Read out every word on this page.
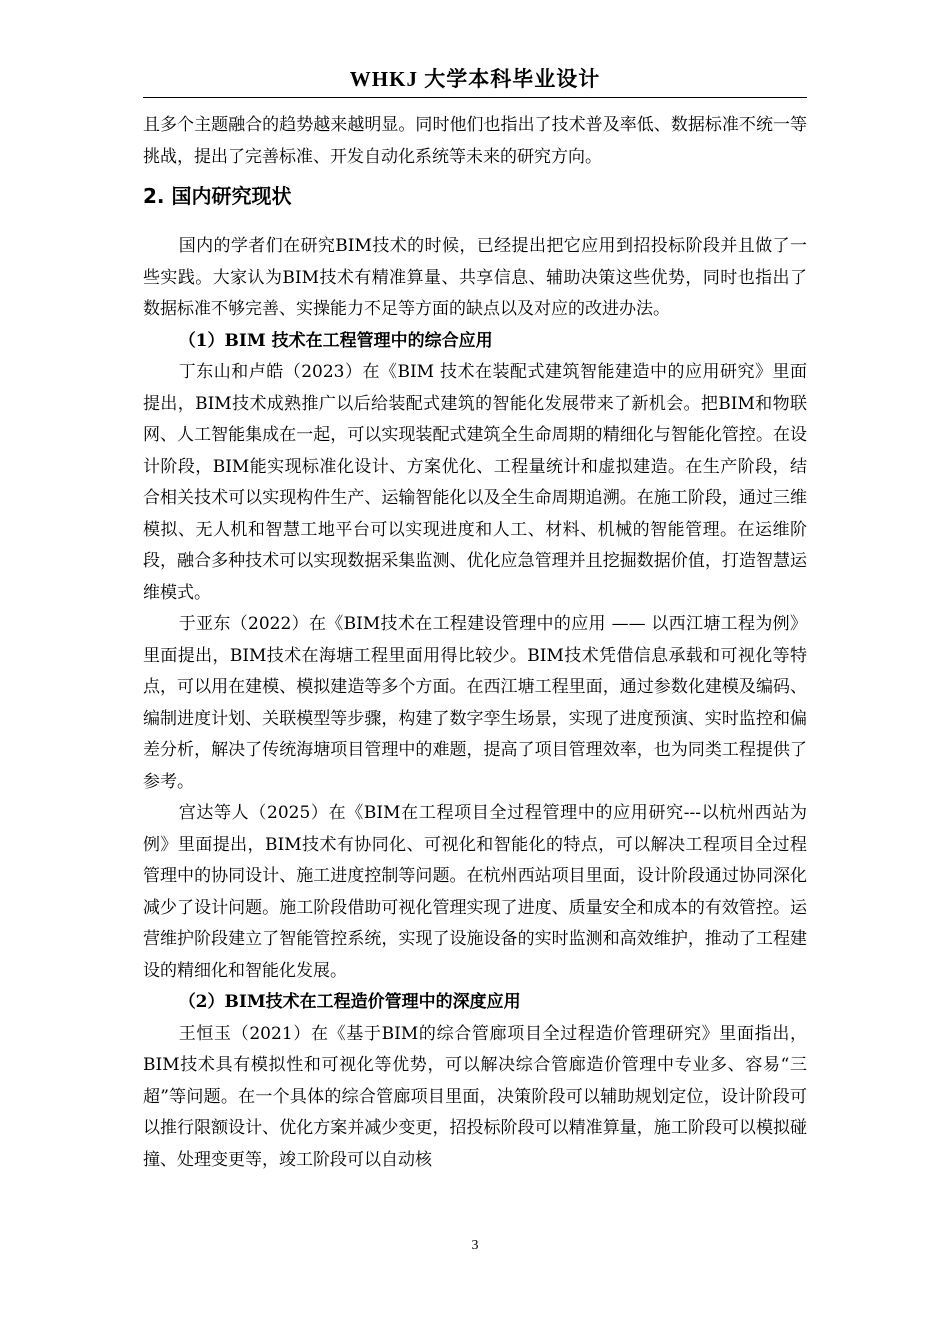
WHKJ 大学本科毕业设计

且多个主题融合的趋势越来越明显。同时他们也指出了技术普及率低、数据标准不统一等挑战，提出了完善标准、开发自动化系统等未来的研究方向。

2. 国内研究现状

国内的学者们在研究BIM技术的时候，已经提出把它应用到招投标阶段并且做了一些实践。大家认为BIM技术有精准算量、共享信息、辅助决策这些优势，同时也指出了数据标准不够完善、实操能力不足等方面的缺点以及对应的改进办法。

（1）BIM 技术在工程管理中的综合应用

丁东山和卢皓（2023）在《BIM 技术在装配式建筑智能建造中的应用研究》里面提出，BIM技术成熟推广以后给装配式建筑的智能化发展带来了新机会。把BIM和物联网、人工智能集成在一起，可以实现装配式建筑全生命周期的精细化与智能化管控。在设计阶段，BIM能实现标准化设计、方案优化、工程量统计和虚拟建造。在生产阶段，结合相关技术可以实现构件生产、运输智能化以及全生命周期追溯。在施工阶段，通过三维模拟、无人机和智慧工地平台可以实现进度和人工、材料、机械的智能管理。在运维阶段，融合多种技术可以实现数据采集监测、优化应急管理并且挖掘数据价值，打造智慧运维模式。

于亚东（2022）在《BIM技术在工程建设管理中的应用 —— 以西江塘工程为例》里面提出，BIM技术在海塘工程里面用得比较少。BIM技术凭借信息承载和可视化等特点，可以用在建模、模拟建造等多个方面。在西江塘工程里面，通过参数化建模及编码、编制进度计划、关联模型等步骤，构建了数字孪生场景，实现了进度预演、实时监控和偏差分析，解决了传统海塘项目管理中的难题，提高了项目管理效率，也为同类工程提供了参考。

宫达等人（2025）在《BIM在工程项目全过程管理中的应用研究---以杭州西站为例》里面提出，BIM技术有协同化、可视化和智能化的特点，可以解决工程项目全过程管理中的协同设计、施工进度控制等问题。在杭州西站项目里面，设计阶段通过协同深化减少了设计问题。施工阶段借助可视化管理实现了进度、质量安全和成本的有效管控。运营维护阶段建立了智能管控系统，实现了设施设备的实时监测和高效维护，推动了工程建设的精细化和智能化发展。

（2）BIM技术在工程造价管理中的深度应用

王恒玉（2021）在《基于BIM的综合管廊项目全过程造价管理研究》里面指出，BIM技术具有模拟性和可视化等优势，可以解决综合管廊造价管理中专业多、容易“三超”等问题。在一个具体的综合管廊项目里面，决策阶段可以辅助规划定位，设计阶段可以推行限额设计、优化方案并减少变更，招投标阶段可以精准算量，施工阶段可以模拟碰撞、处理变更等，竣工阶段可以自动核

3
